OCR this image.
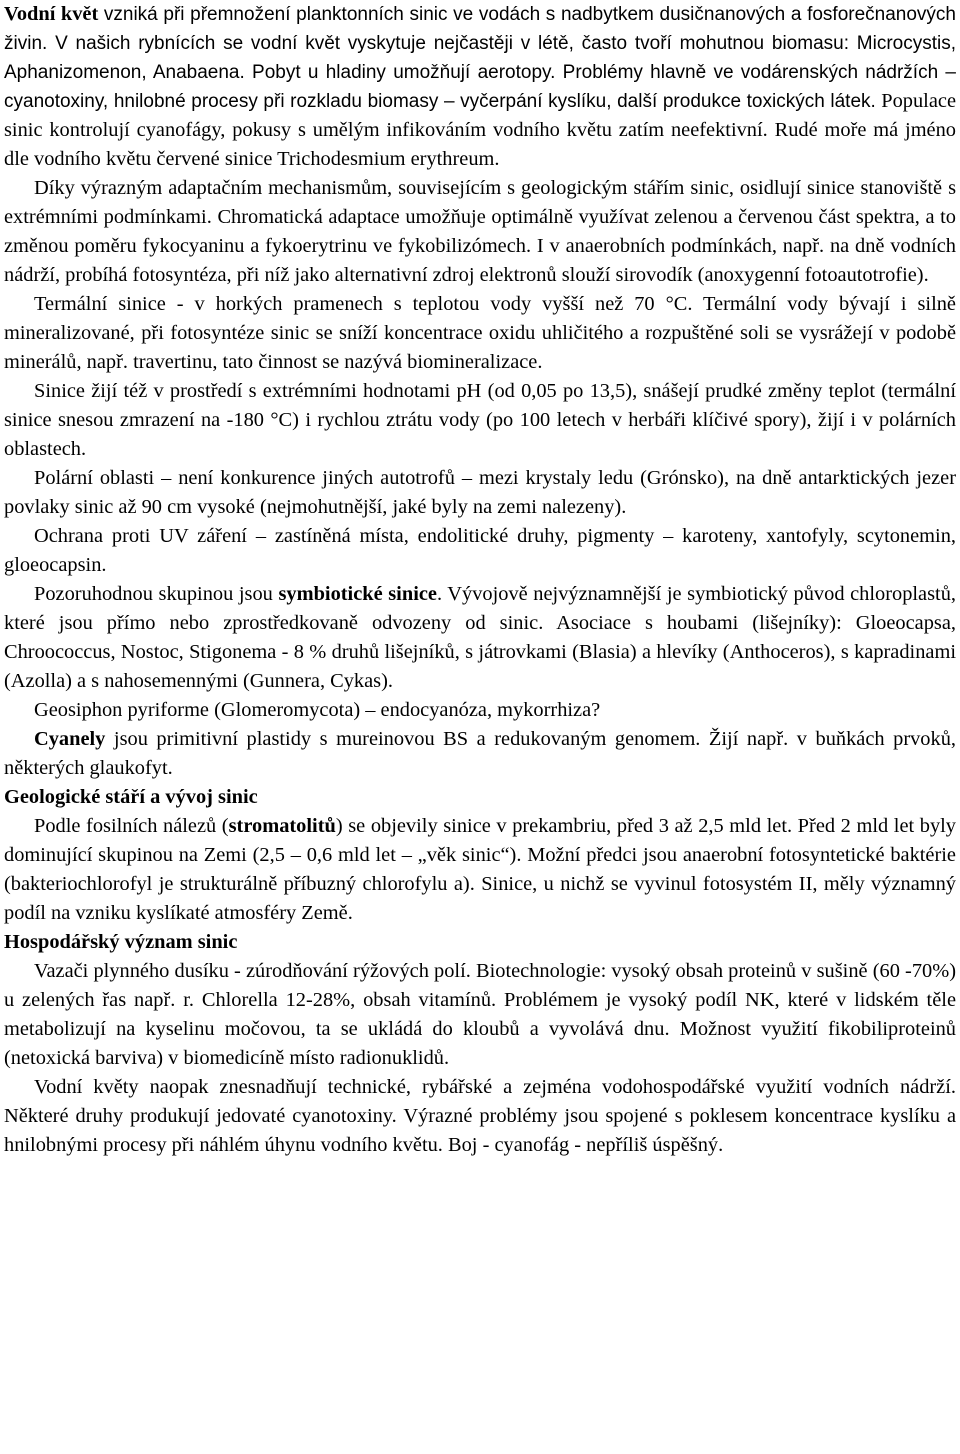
Vodní květ vzniká při přemnožení planktonních sinic ve vodách s nadbytkem dusičnanových a fosforečnanových živin. V našich rybnících se vodní květ vyskytuje nejčastěji v létě, často tvoří mohutnou biomasu: Microcystis, Aphanizomenon, Anabaena. Pobyt u hladiny umožňují aerotopy. Problémy hlavně ve vodárenských nádržích – cyanotoxiny, hnilobné procesy při rozkladu biomasy – vyčerpání kyslíku, další produkce toxických látek. Populace sinic kontrolují cyanofágy, pokusy s umělým infikováním vodního květu zatím neefektivní. Rudé moře má jméno dle vodního květu červené sinice Trichodesmium erythreum.

Díky výrazným adaptačním mechanismům, souvisejícím s geologickým stářím sinic, osidlují sinice stanoviště s extrémními podmínkami. Chromatická adaptace umožňuje optimálně využívat zelenou a červenou část spektra, a to změnou poměru fykocyaninu a fykoerytrinu ve fykobilizómech. I v anaerobních podmínkách, např. na dně vodních nádrží, probíhá fotosyntéza, při níž jako alternativní zdroj elektronů slouží sirovodík (anoxygenní fotoautotrofie).

Termální sinice - v horkých pramenech s teplotou vody vyšší než 70 °C. Termální vody bývají i silně mineralizované, při fotosyntéze sinic se sníží koncentrace oxidu uhličitého a rozpuštěné soli se vysrážejí v podobě minerálů, např. travertinu, tato činnost se nazývá biomineralizace.

Sinice žijí též v prostředí s extrémními hodnotami pH (od 0,05 po 13,5), snášejí prudké změny teplot (termální sinice snesou zmrazení na -180 °C) i rychlou ztrátu vody (po 100 letech v herbáři klíčivé spory), žijí i v polárních oblastech.

Polární oblasti – není konkurence jiných autotrofů – mezi krystaly ledu (Grónsko), na dně antarktických jezer povlaky sinic až 90 cm vysoké (nejmohutnější, jaké byly na zemi nalezeny).

Ochrana proti UV záření – zastíněná místa, endolitické druhy, pigmenty – karoteny, xantofyly, scytonemin, gloeocapsin.

Pozoruhodnou skupinou jsou symbiotické sinice. Vývojově nejvýznamnější je symbiotický původ chloroplastů, které jsou přímo nebo zprostředkovaně odvozeny od sinic. Asociace s houbami (lišejníky): Gloeocapsa, Chroococcus, Nostoc, Stigonema - 8 % druhů lišejníků, s játrovkami (Blasia) a hlevíky (Anthoceros), s kapradinami (Azolla) a s nahosemennými (Gunnera, Cykas).

Geosiphon pyriforme (Glomeromycota) – endocyanóza, mykorrhiza?

Cyanely jsou primitivní plastidy s mureinovou BS a redukovaným genomem. Žijí např. v buňkách prvoků, některých glaukofyt.

Geologické stáří a vývoj sinic

Podle fosilních nálezů (stromatolitů) se objevily sinice v prekambriu, před 3 až 2,5 mld let. Před 2 mld let byly dominující skupinou na Zemi (2,5 – 0,6 mld let – „věk sinic“). Možní předci jsou anaerobní fotosyntetické baktérie (bakteriochlorofyl je strukturálně příbuzný chlorofylu a). Sinice, u nichž se vyvinul fotosystém II, měly významný podíl na vzniku kyslíkaté atmosféry Země.

Hospodářský význam sinic

Vazači plynného dusíku - zúrodňování rýžových polí. Biotechnologie: vysoký obsah proteinů v sušině (60 -70%) u zelených řas např. r. Chlorella 12-28%, obsah vitamínů. Problémem je vysoký podíl NK, které v lidském těle metabolizují na kyselinu močovou, ta se ukládá do kloubů a vyvolává dnu. Možnost využití fikobiliproteinů (netoxická barviva) v biomedicíně místo radionuklidů.

Vodní květy naopak znesnadňují technické, rybářské a zejména vodohospodářské využití vodních nádrží. Některé druhy produkují jedovaté cyanotoxiny. Výrazné problémy jsou spojené s poklesem koncentrace kyslíku a hnilobnými procesy při náhlém úhynu vodního květu. Boj - cyanofág - nepříliš úspěšný.
